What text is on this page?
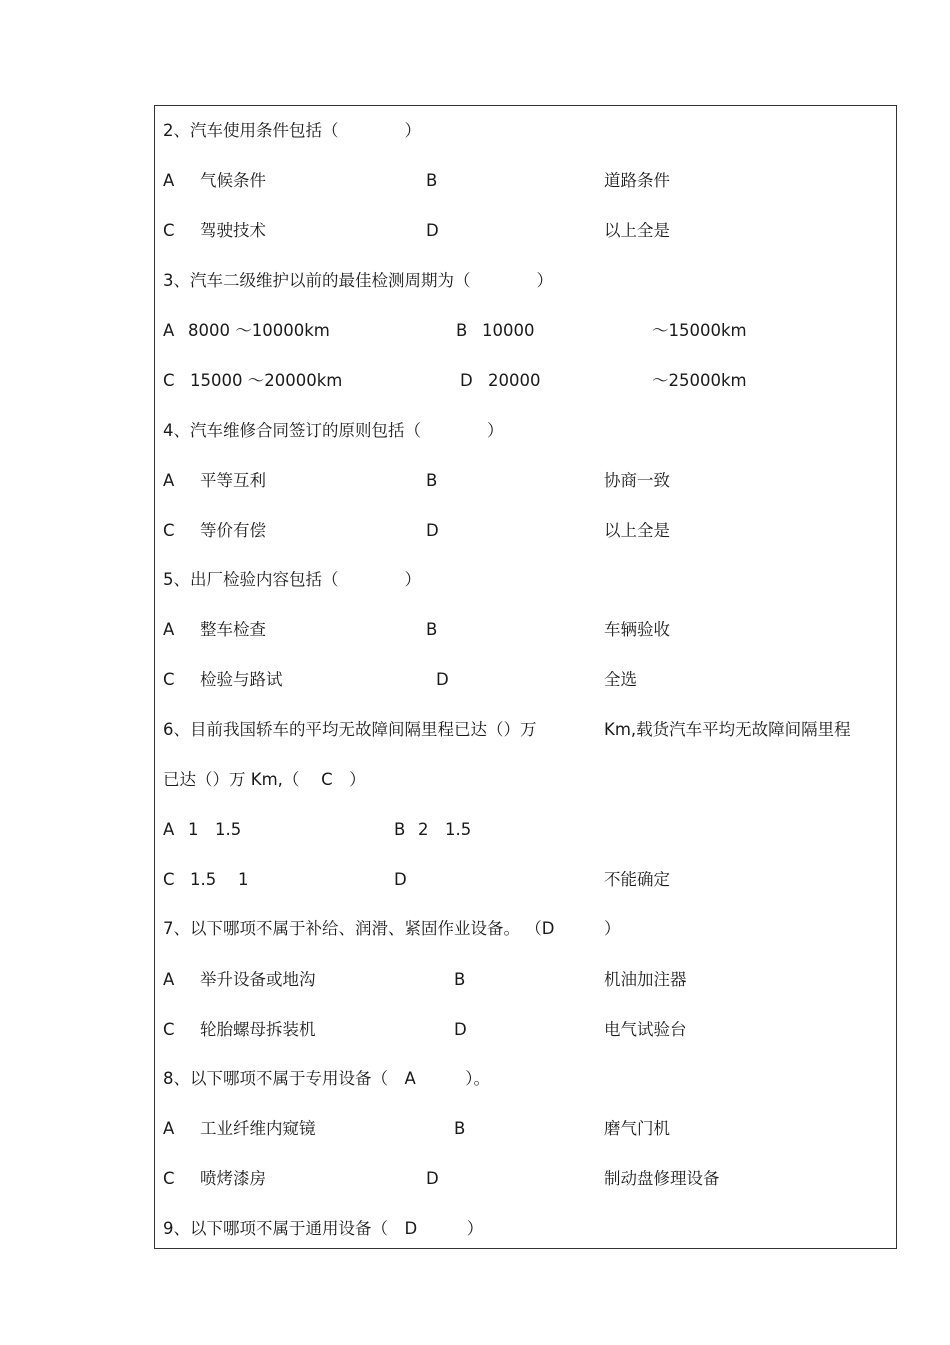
2、汽车使用条件包括（　　　　）
A 气候条件	B	道路条件
C 驾驶技术	D	以上全是
3、汽车二级维护以前的最佳检测周期为（　　　　）
A 8000 ～10000km	B 10000	～15000km
C 15000 ～20000km	D 20000	～25000km
4、汽车维修合同签订的原则包括（　　　　）
A 平等互利	B	协商一致
C 等价有偿	D	以上全是
5、出厂检验内容包括（　　　　）
A 整车检查	B	车辆验收
C 检验与路试	D	全选
6、目前我国轿车的平均无故障间隔里程已达（）万	Km,载货汽车平均无故障间隔里程
已达（）万 Km,（　 C　）
A 1　1.5	B 2　1.5
C 1.5　 1	D	不能确定
7、以下哪项不属于补给、润滑、紧固作业设备。 （D　　　）
A 举升设备或地沟	B	机油加注器
C 轮胎螺母拆装机	D	电气试验台
8、以下哪项不属于专用设备（　A　　　）。
A 工业纤维内窥镜	B	磨气门机
C 喷烤漆房	D	制动盘修理设备
9、以下哪项不属于通用设备（　D　　　）
